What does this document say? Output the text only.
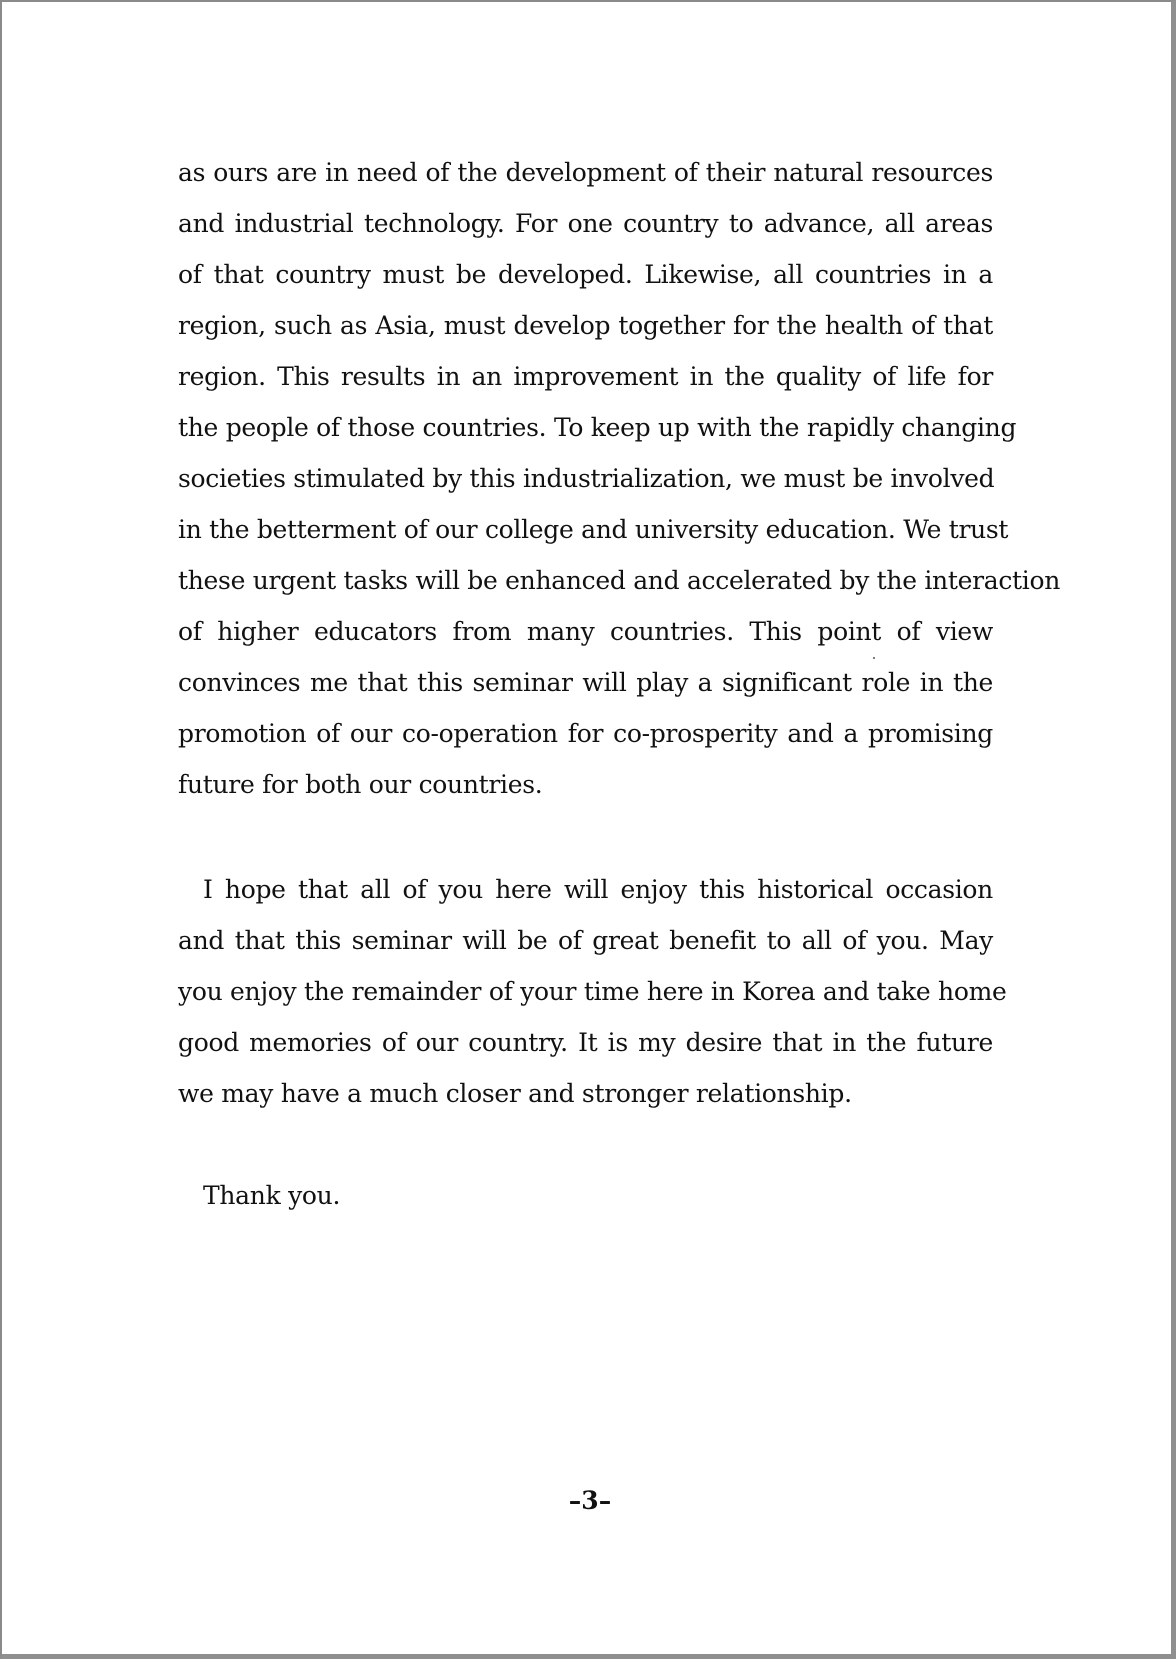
as ours are in need of the development of their natural resources
and industrial technology. For one country to advance, all areas
of that country must be developed. Likewise, all countries in a
region, such as Asia, must develop together for the health of that
region. This results in an improvement in the quality of life for
the people of those countries. To keep up with the rapidly changing
societies stimulated by this industrialization, we must be involved
in the betterment of our college and university education. We trust
these urgent tasks will be enhanced and accelerated by the interaction
of higher educators from many countries. This point of view
convinces me that this seminar will play a significant role in the
promotion of our co-operation for co-prosperity and a promising
future for both our countries.
I hope that all of you here will enjoy this historical occasion
and that this seminar will be of great benefit to all of you. May
you enjoy the remainder of your time here in Korea and take home
good memories of our country. It is my desire that in the future
we may have a much closer and stronger relationship.
Thank you.
–3–
